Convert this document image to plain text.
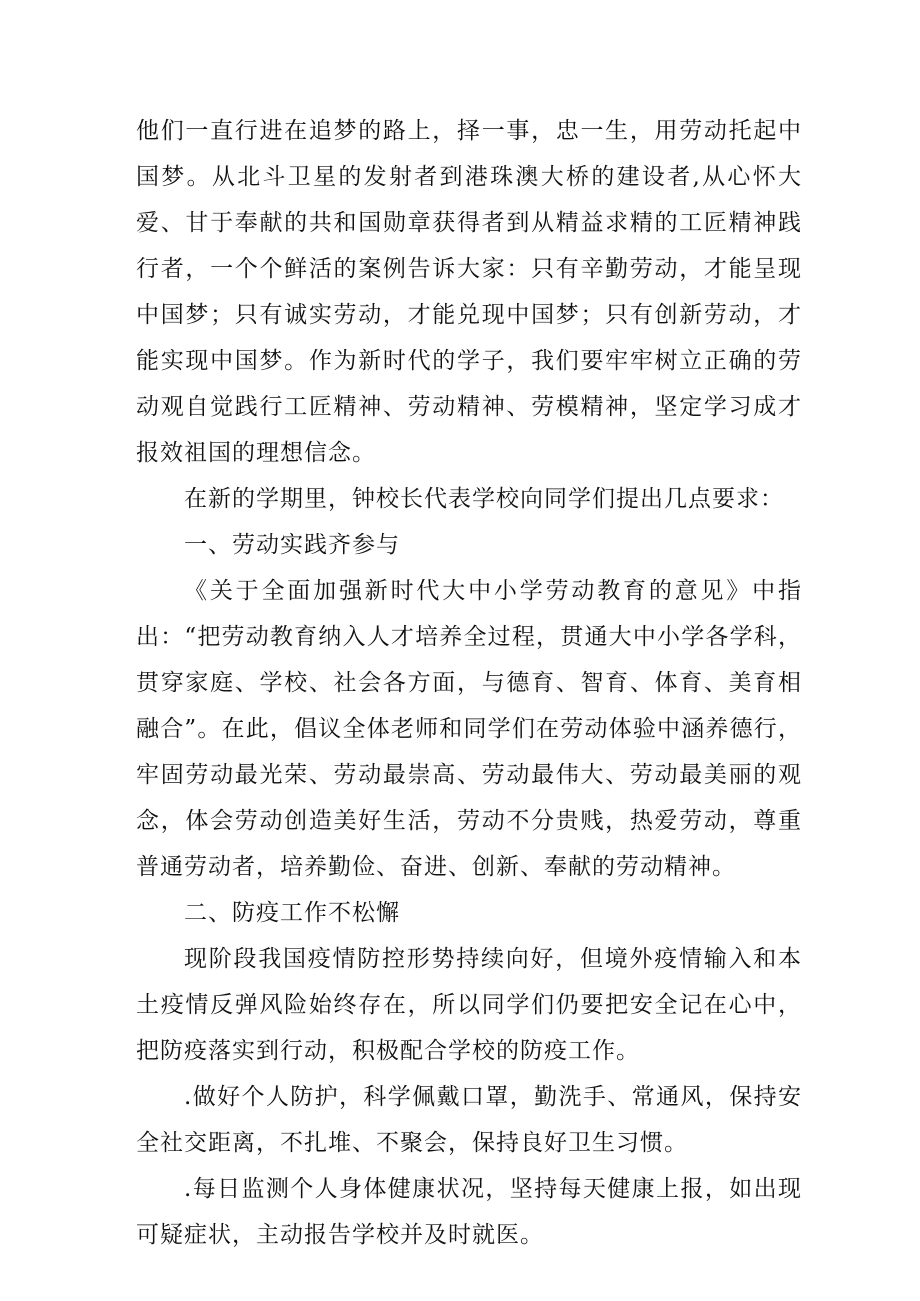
他们一直行进在追梦的路上，择一事，忠一生，用劳动托起中国梦。从北斗卫星的发射者到港珠澳大桥的建设者,从心怀大爱、甘于奉献的共和国勋章获得者到从精益求精的工匠精神践行者，一个个鲜活的案例告诉大家：只有辛勤劳动，才能呈现中国梦；只有诚实劳动，才能兑现中国梦；只有创新劳动，才能实现中国梦。作为新时代的学子，我们要牢牢树立正确的劳动观自觉践行工匠精神、劳动精神、劳模精神，坚定学习成才报效祖国的理想信念。

在新的学期里，钟校长代表学校向同学们提出几点要求：

一、劳动实践齐参与

《关于全面加强新时代大中小学劳动教育的意见》中指出：“把劳动教育纳入人才培养全过程，贯通大中小学各学科，贯穿家庭、学校、社会各方面，与德育、智育、体育、美育相融合”。在此，倡议全体老师和同学们在劳动体验中涵养德行，牢固劳动最光荣、劳动最崇高、劳动最伟大、劳动最美丽的观念，体会劳动创造美好生活，劳动不分贵贱，热爱劳动，尊重普通劳动者，培养勤俭、奋进、创新、奉献的劳动精神。

二、防疫工作不松懈

现阶段我国疫情防控形势持续向好，但境外疫情输入和本土疫情反弹风险始终存在，所以同学们仍要把安全记在心中，把防疫落实到行动，积极配合学校的防疫工作。

.做好个人防护，科学佩戴口罩，勤洗手、常通风，保持安全社交距离，不扎堆、不聚会，保持良好卫生习惯。

.每日监测个人身体健康状况，坚持每天健康上报，如出现可疑症状，主动报告学校并及时就医。
